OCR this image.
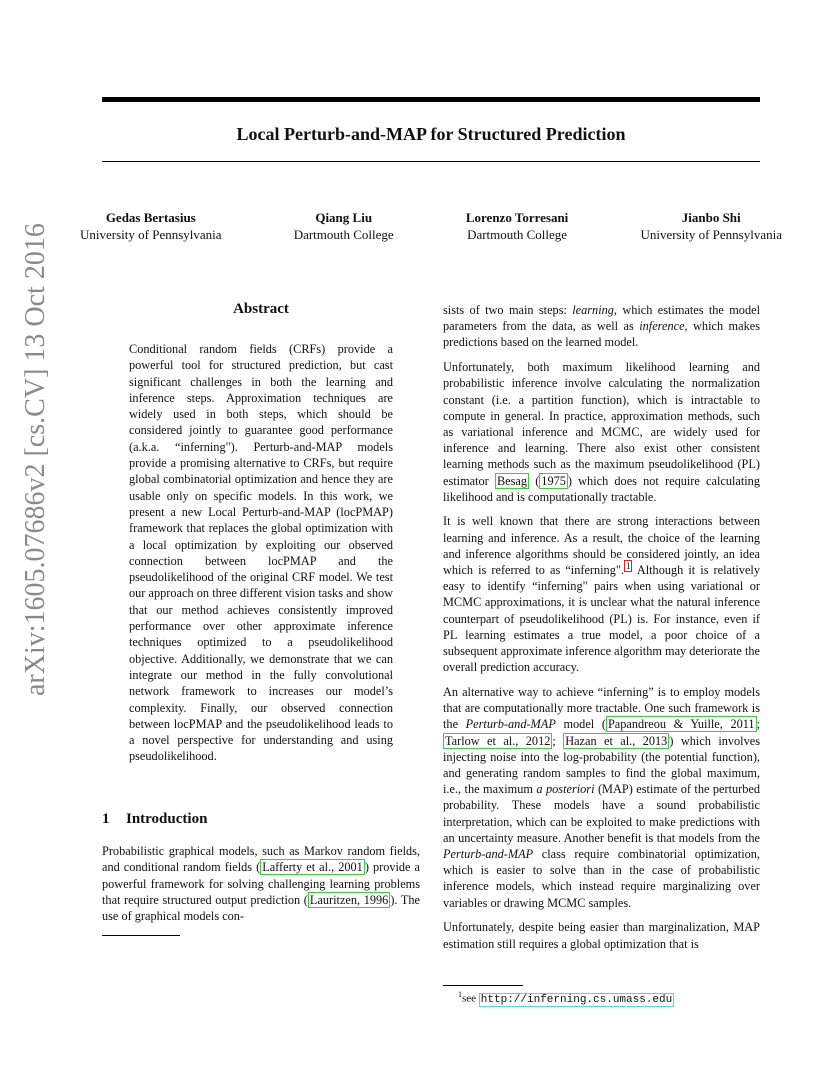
Local Perturb-and-MAP for Structured Prediction
Gedas Bertasius
University of Pennsylvania
Qiang Liu
Dartmouth College
Lorenzo Torresani
Dartmouth College
Jianbo Shi
University of Pennsylvania
arXiv:1605.07686v2 [cs.CV] 13 Oct 2016	Abstract
Conditional random fields (CRFs) provide a powerful tool for structured prediction, but cast significant challenges in both the learning and inference steps. Approximation techniques are widely used in both steps, which should be considered jointly to guarantee good performance (a.k.a. “inferning"). Perturb-and-MAP models provide a promising alternative to CRFs, but require global combinatorial optimization and hence they are usable only on specific models. In this work, we present a new Local Perturb-and-MAP (locPMAP) framework that replaces the global optimization with a local optimization by exploiting our observed connection between locPMAP and the pseudolikelihood of the original CRF model. We test our approach on three different vision tasks and show that our method achieves consistently improved performance over other approximate inference techniques optimized to a pseudolikelihood objective. Additionally, we demonstrate that we can integrate our method in the fully convolutional network framework to increases our model’s complexity. Finally, our observed connection between locPMAP and the pseudolikelihood leads to a novel perspective for understanding and using pseudolikelihood.
1 Introduction
Probabilistic graphical models, such as Markov random fields, and conditional random fields ( Lafferty et al., 2001 ) provide a powerful framework for solving challenging learning problems that require structured output prediction ( Lauritzen, 1996 ). The use of graphical models con-

sists of two main steps: learning, which estimates the model parameters from the data, as well as inference, which makes predictions based on the learned model.

Unfortunately, both maximum likelihood learning and probabilistic inference involve calculating the normalization constant (i.e. a partition function), which is intractable to compute in general. In practice, approximation methods, such as variational inference and MCMC, are widely used for inference and learning. There also exist other consistent learning methods such as the maximum pseudolikelihood (PL) estimator Besag ( 1975 ) which does not require calculating likelihood and is computationally tractable.

It is well known that there are strong interactions between learning and inference. As a result, the choice of the learning and inference algorithms should be considered jointly, an idea which is referred to as “inferning". $^1$ Although it is relatively easy to identify “inferning" pairs when using variational or MCMC approximations, it is unclear what the natural inference counterpart of pseudolikelihood (PL) is. For instance, even if PL learning estimates a true model, a poor choice of a subsequent approximate inference algorithm may deteriorate the overall prediction accuracy.

An alternative way to achieve “inferning” is to employ models that are computationally more tractable. One such framework is the Perturb-and-MAP model ( Papandreou & Yuille, 2011 ; Tarlow et al., 2012 ; Hazan et al., 2013 ) which involves injecting noise into the log-probability (the potential function), and generating random samples to find the global maximum, i.e., the maximum a posteriori (MAP) estimate of the perturbed probability. These models have a sound probabilistic interpretation, which can be exploited to make predictions with an uncertainty measure. Another benefit is that models from the Perturb-and-MAP class require combinatorial optimization, which is easier to solve than in the case of probabilistic inference models, which instead require marginalizing over variables or drawing MCMC samples.

Unfortunately, despite being easier than marginalization, MAP estimation still requires a global optimization that is

$^1$see http://inferning.cs.umass.edu
